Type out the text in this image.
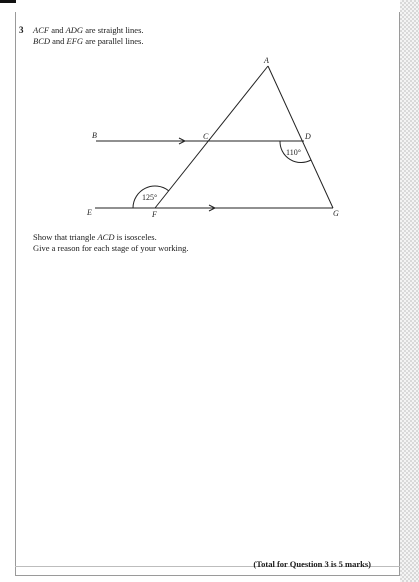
3 ACF and ADG are straight lines.
BCD and EFG are parallel lines.
A
B	C	D
E	F	G
125°
110°
Show that triangle ACD is isosceles.
Give a reason for each stage of your working.
(Total for Question 3 is 5 marks)
